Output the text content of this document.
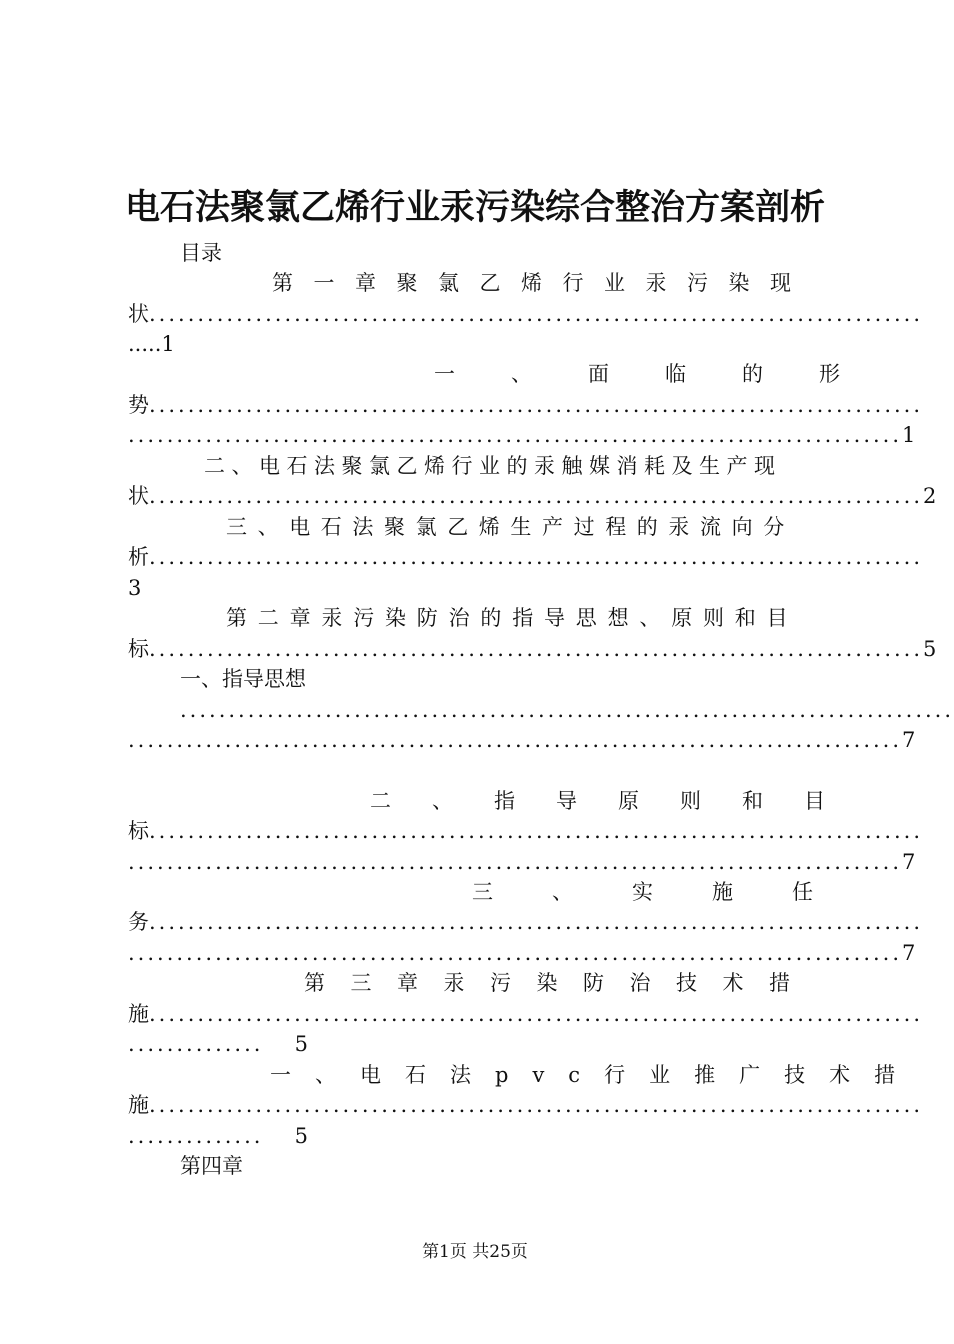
电石法聚氯乙烯行业汞污染综合整治方案剖析
目录
第一章聚氯乙烯行业汞污染现
状 ................................................................................
..... 1
一、面临的形
势 ................................................................................
................................................................................ 1
二、电石法聚氯乙烯行业的汞触媒消耗及生产现
状 ................................................................................ 2
三、电石法聚氯乙烯生产过程的汞流向分
析 ................................................................................
3
第二章汞污染防治的指导思想、原则和目
标 ................................................................................ 5
一、指导思想
................................................................................
................................................................................ 7
二、指导原则和目
标 ................................................................................
................................................................................ 7
三、实施任
务 ................................................................................
................................................................................ 7
第三章汞污染防治技术措
施 ................................................................................
..............	5
一、电石法pvc行业推广技术措
施 ................................................................................
..............	5
第四章
第1页 共25页
